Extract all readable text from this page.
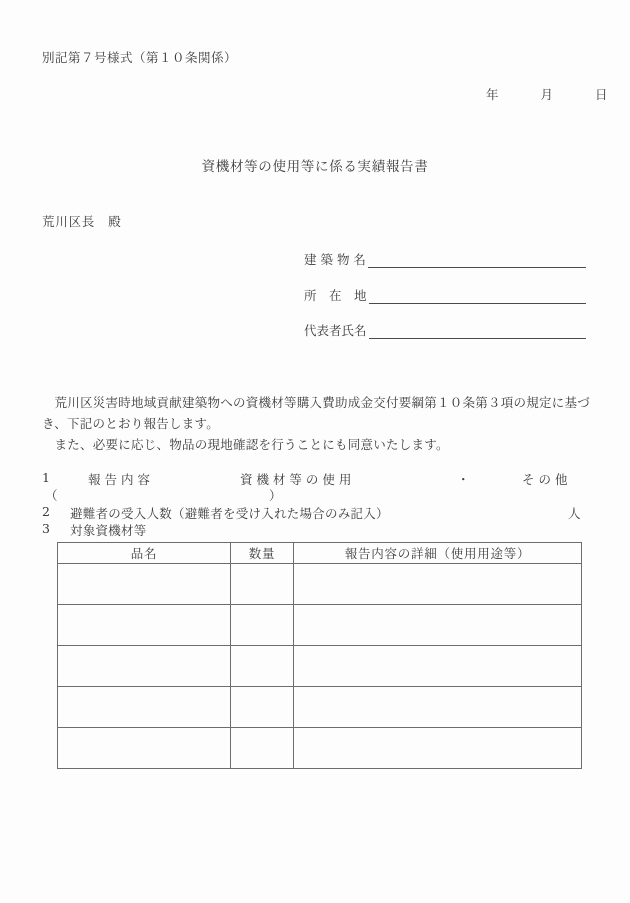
別記第７号様式（第１０条関係）
年	月	日
資機材等の使用等に係る実績報告書
荒川区長　殿
建 築 物 名
所　在　地
代表者氏名

荒川区災害時地域貢献建築物への資機材等購入費助成金交付要綱第１０条第３項の規定に基づき、下記のとおり報告します。

また、必要に応じ、物品の現地確認を行うことにも同意いたします。

1	報 告 内 容	資 機 材 等 の 使 用	・	そ の 他
（	）
2 避難者の受入人数（避難者を受け入れた場合のみ記入）	人
3 対象資機材等
品名	数量	報告内容の詳細（使用用途等）
